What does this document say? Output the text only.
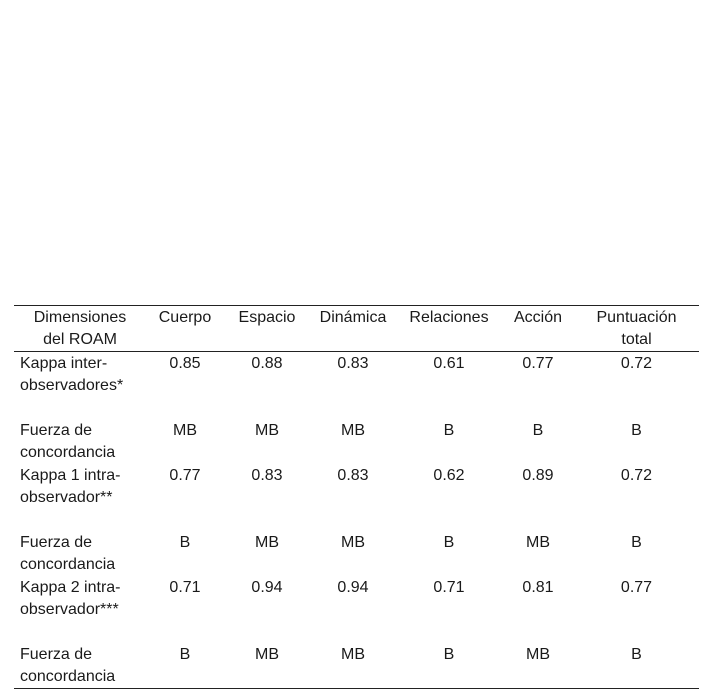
Dimensiones
del ROAM	Cuerpo	Espacio	Dinámica	Relaciones	Acción	Puntuación
total

Kappa inter-
observadores*	0.85	0.88	0.83	0.61	0.77	0.72

Fuerza de
concordancia	MB	MB	MB	B	B	B

Kappa 1 intra-
observador**	0.77	0.83	0.83	0.62	0.89	0.72

Fuerza de
concordancia	B	MB	MB	B	MB	B

Kappa 2 intra-
observador***	0.71	0.94	0.94	0.71	0.81	0.77

Fuerza de
concordancia	B	MB	MB	B	MB	B
